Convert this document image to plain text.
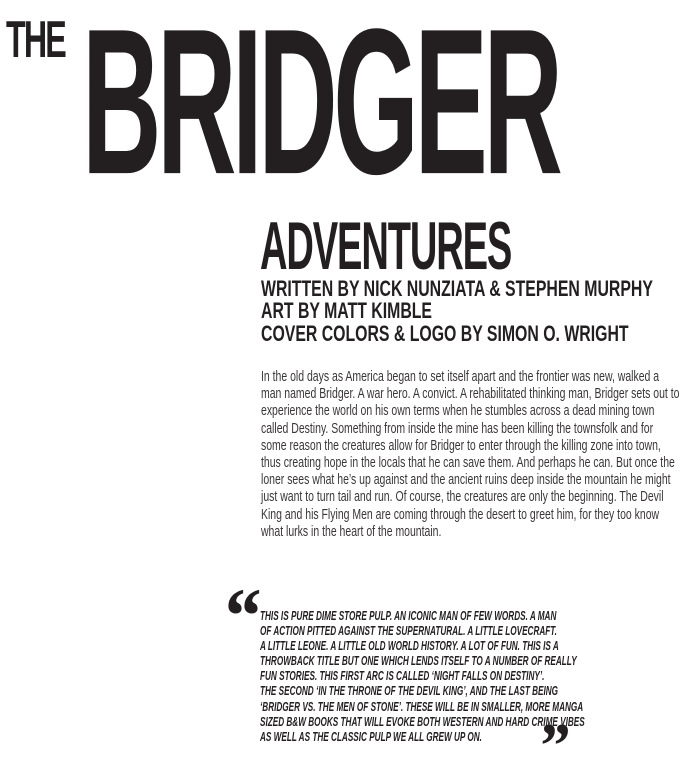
THE BRIDGER
ADVENTURES
WRITTEN BY NICK NUNZIATA & STEPHEN MURPHY
ART BY MATT KIMBLE
COVER COLORS & LOGO BY SIMON O. WRIGHT

In the old days as America began to set itself apart and the frontier was new, walked a man named Bridger. A war hero. A convict. A rehabilitated thinking man, Bridger sets out to experience the world on his own terms when he stumbles across a dead mining town called Destiny. Something from inside the mine has been killing the townsfolk and for some reason the creatures allow for Bridger to enter through the killing zone into town, thus creating hope in the locals that he can save them. And perhaps he can. But once the loner sees what he’s up against and the ancient ruins deep inside the mountain he might just want to turn tail and run. Of course, the creatures are only the beginning. The Devil King and his Flying Men are coming through the desert to greet him, for they too know what lurks in the heart of the mountain.

“ THIS IS PURE DIME STORE PULP. AN ICONIC MAN OF FEW WORDS. A MAN
OF ACTION PITTED AGAINST THE SUPERNATURAL. A LITTLE LOVECRAFT.
A LITTLE LEONE. A LITTLE OLD WORLD HISTORY. A LOT OF FUN. THIS IS A
THROWBACK TITLE BUT ONE WHICH LENDS ITSELF TO A NUMBER OF REALLY
FUN STORIES. THIS FIRST ARC IS CALLED ‘NIGHT FALLS ON DESTINY’.
THE SECOND ‘IN THE THRONE OF THE DEVIL KING’, AND THE LAST BEING
‘BRIDGER VS. THE MEN OF STONE’. THESE WILL BE IN SMALLER, MORE MANGA
SIZED B&W BOOKS THAT WILL EVOKE BOTH WESTERN AND HARD CRIME VIBES
AS WELL AS THE CLASSIC PULP WE ALL GREW UP ON. ”
